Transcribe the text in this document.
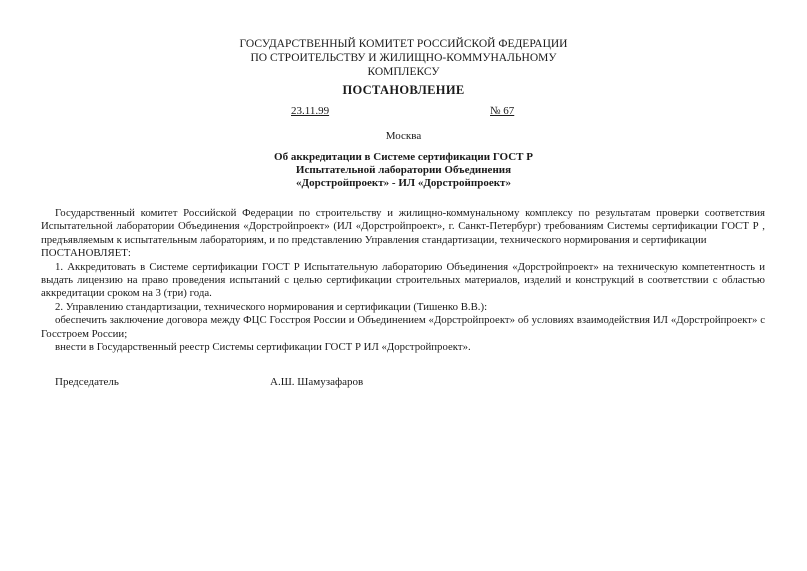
ГОСУДАРСТВЕННЫЙ КОМИТЕТ РОССИЙСКОЙ ФЕДЕРАЦИИ
ПО СТРОИТЕЛЬСТВУ И ЖИЛИЩНО-КОММУНАЛЬНОМУ
КОМПЛЕКСУ
ПОСТАНОВЛЕНИЕ
23.11.99	№ 67
Москва
Об аккредитации в Системе сертификации ГОСТ Р
Испытательной лаборатории Объединения
«Дорстройпроект» - ИЛ «Дорстройпроект»

Государственный комитет Российской Федерации по строительству и жилищно-коммунальному комплексу по результатам проверки соответствия Испытательной лаборатории Объединения «Дорстройпроект» (ИЛ «Дорстройпроект», г. Санкт-Петербург) требованиям Системы сертификации ГОСТ Р , предъявляемым к испытательным лабораториям, и по представлению Управления стандартизации, технического нормирования и сертификации

ПОСТАНОВЛЯЕТ:

1. Аккредитовать в Системе сертификации ГОСТ Р Испытательную лабораторию Объединения «Дорстройпроект» на техническую компетентность и выдать лицензию на право проведения испытаний с целью сертификации строительных материалов, изделий и конструкций в соответствии с областью аккредитации сроком на 3 (три) года.

2. Управлению стандартизации, технического нормирования и сертификации (Тишенко В.В.):

обеспечить заключение договора между ФЦС Госстроя России и Объединением «Дорстройпроект» об условиях взаимодействия ИЛ «Дорстройпроект» с Госстроем России;

внести в Государственный реестр Системы сертификации ГОСТ Р ИЛ «Дорстройпроект».

Председатель	А.Ш. Шамузафаров
